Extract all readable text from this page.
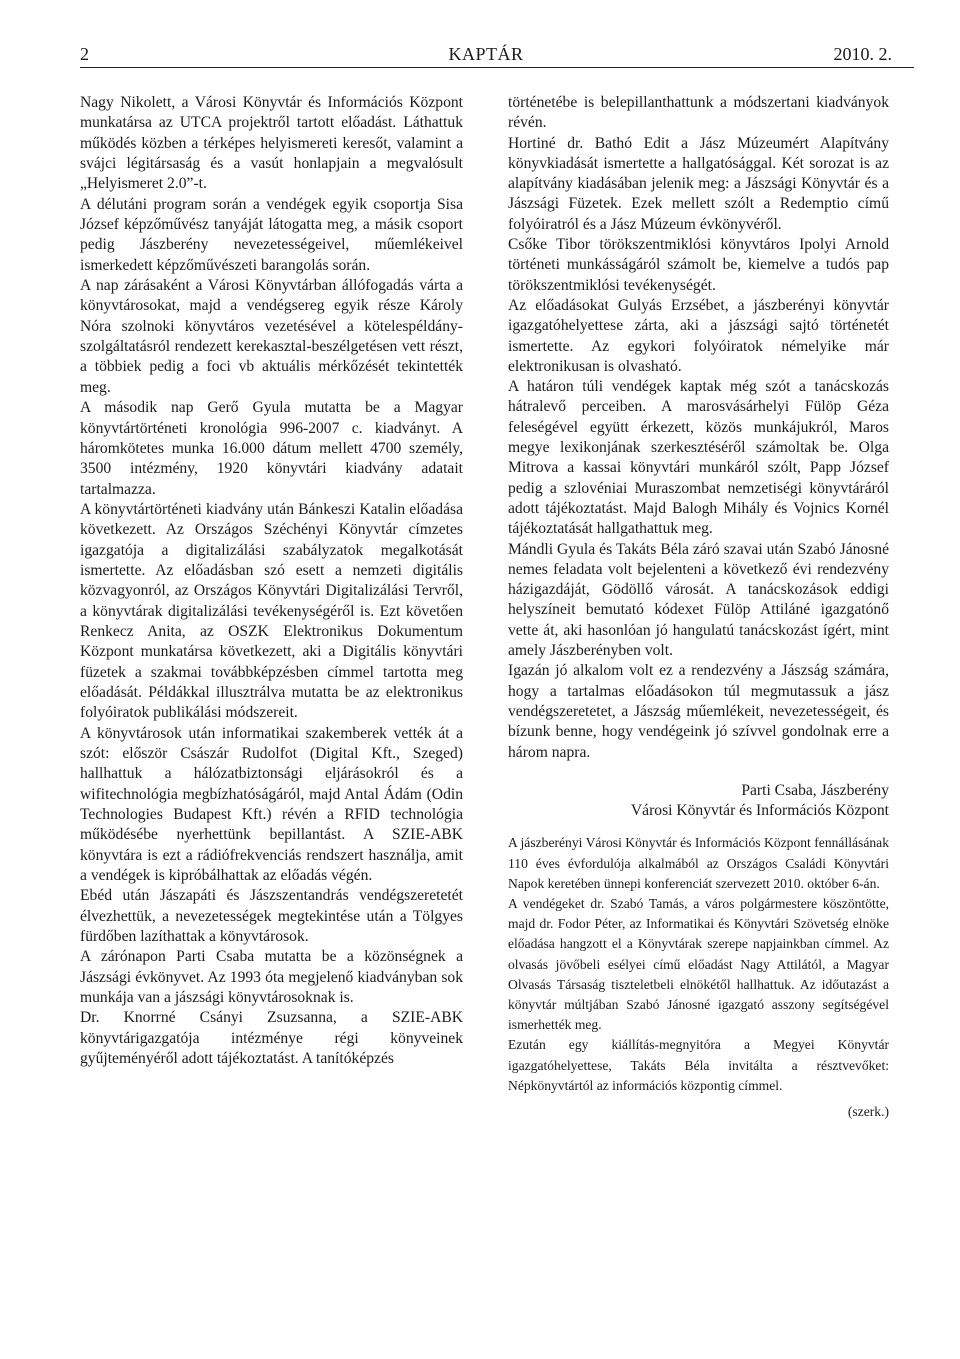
2	KAPTÁR	2010. 2.

Nagy Nikolett, a Városi Könyvtár és Információs Központ munkatársa az UTCA projektről tartott előadást. Láthattuk működés közben a térképes helyismereti keresőt, valamint a svájci légitársaság és a vasút honlapjain a megvalósult „Helyismeret 2.0”-t.

A délutáni program során a vendégek egyik csoportja Sisa József képzőművész tanyáját látogatta meg, a másik csoport pedig Jászberény nevezetességeivel, műemlékeivel ismerkedett képzőművészeti barangolás során.

A nap zárásaként a Városi Könyvtárban állófogadás várta a könyvtárosokat, majd a vendégsereg egyik része Károly Nóra szolnoki könyvtáros vezetésével a kötelespéldány-szolgáltatásról rendezett kerekasztal-beszélgetésen vett részt, a többiek pedig a foci vb aktuális mérkőzését tekintették meg.

A második nap Gerő Gyula mutatta be a Magyar könyvtártörténeti kronológia 996-2007 c. kiadványt. A háromkötetes munka 16.000 dátum mellett 4700 személy, 3500 intézmény, 1920 könyvtári kiadvány adatait tartalmazza.

A könyvtártörténeti kiadvány után Bánkeszi Katalin előadása következett. Az Országos Széchényi Könyvtár címzetes igazgatója a digitalizálási szabályzatok megalkotását ismertette. Az előadásban szó esett a nemzeti digitális közvagyonról, az Országos Könyvtári Digitalizálási Tervről, a könyvtárak digitalizálási tevékenységéről is. Ezt követően Renkecz Anita, az OSZK Elektronikus Dokumentum Központ munkatársa következett, aki a Digitális könyvtári füzetek a szakmai továbbképzésben címmel tartotta meg előadását. Példákkal illusztrálva mutatta be az elektronikus folyóiratok publikálási módszereit.

A könyvtárosok után informatikai szakemberek vették át a szót: először Császár Rudolfot (Digital Kft., Szeged) hallhattuk a hálózatbiztonsági eljárásokról és a wifitechnológia megbízhatóságáról, majd Antal Ádám (Odin Technologies Budapest Kft.) révén a RFID technológia működésébe nyerhettünk bepillantást. A SZIE-ABK könyvtára is ezt a rádiófrekvenciás rendszert használja, amit a vendégek is kipróbálhattak az előadás végén.

Ebéd után Jászapáti és Jászszentandrás vendégszeretetét élvezhettük, a nevezetességek megtekintése után a Tölgyes fürdőben lazíthattak a könyvtárosok.

A zárónapon Parti Csaba mutatta be a közönségnek a Jászsági évkönyvet. Az 1993 óta megjelenő kiadványban sok munkája van a jászsági könyvtárosoknak is.

Dr. Knorrné Csányi Zsuzsanna, a SZIE-ABK könyvtárigazgatója intézménye régi könyveinek gyűjteményéről adott tájékoztatást. A tanítóképzés

történetébe is belepillanthattunk a módszertani kiadványok révén.

Hortiné dr. Bathó Edit a Jász Múzeumért Alapítvány könyvkiadását ismertette a hallgatósággal. Két sorozat is az alapítvány kiadásában jelenik meg: a Jászsági Könyvtár és a Jászsági Füzetek. Ezek mellett szólt a Redemptio című folyóiratról és a Jász Múzeum évkönyvéről.

Csőke Tibor törökszentmiklósi könyvtáros Ipolyi Arnold történeti munkásságáról számolt be, kiemelve a tudós pap törökszentmiklósi tevékenységét.

Az előadásokat Gulyás Erzsébet, a jászberényi könyvtár igazgatóhelyettese zárta, aki a jászsági sajtó történetét ismertette. Az egykori folyóiratok némelyike már elektronikusan is olvasható.

A határon túli vendégek kaptak még szót a tanácskozás hátralevő perceiben. A marosvásárhelyi Fülöp Géza feleségével együtt érkezett, közös munkájukról, Maros megye lexikonjának szerkesztéséről számoltak be. Olga Mitrova a kassai könyvtári munkáról szólt, Papp József pedig a szlovéniai Muraszombat nemzetiségi könyvtáráról adott tájékoztatást. Majd Balogh Mihály és Vojnics Kornél tájékoztatását hallgathattuk meg.

Mándli Gyula és Takáts Béla záró szavai után Szabó Jánosné nemes feladata volt bejelenteni a következő évi rendezvény házigazdáját, Gödöllő városát. A tanácskozások eddigi helyszíneit bemutató kódexet Fülöp Attiláné igazgatónő vette át, aki hasonlóan jó hangulatú tanácskozást ígért, mint amely Jászberényben volt.

Igazán jó alkalom volt ez a rendezvény a Jászság számára, hogy a tartalmas előadásokon túl megmutassuk a jász vendégszeretetet, a Jászság műemlékeit, nevezetességeit, és bízunk benne, hogy vendégeink jó szívvel gondolnak erre a három napra.

Parti Csaba, Jászberény

Városi Könyvtár és Információs Központ

A jászberényi Városi Könyvtár és Információs Központ fennállásának 110 éves évfordulója alkalmából az Országos Családi Könyvtári Napok keretében ünnepi konferenciát szervezett 2010. október 6-án.

A vendégeket dr. Szabó Tamás, a város polgármestere köszöntötte, majd dr. Fodor Péter, az Informatikai és Könyvtári Szövetség elnöke előadása hangzott el a Könyvtárak szerepe napjainkban címmel. Az olvasás jövőbeli esélyei című előadást Nagy Attilától, a Magyar Olvasás Társaság tiszteletbeli elnökétől hallhattuk. Az időutazást a könyvtár múltjában Szabó Jánosné igazgató asszony segítségével ismerhették meg.

Ezután egy kiállítás-megnyitóra a Megyei Könyvtár igazgatóhelyettese, Takáts Béla invitálta a résztvevőket: Népkönyvtártól az információs központig címmel.

(szerk.)
